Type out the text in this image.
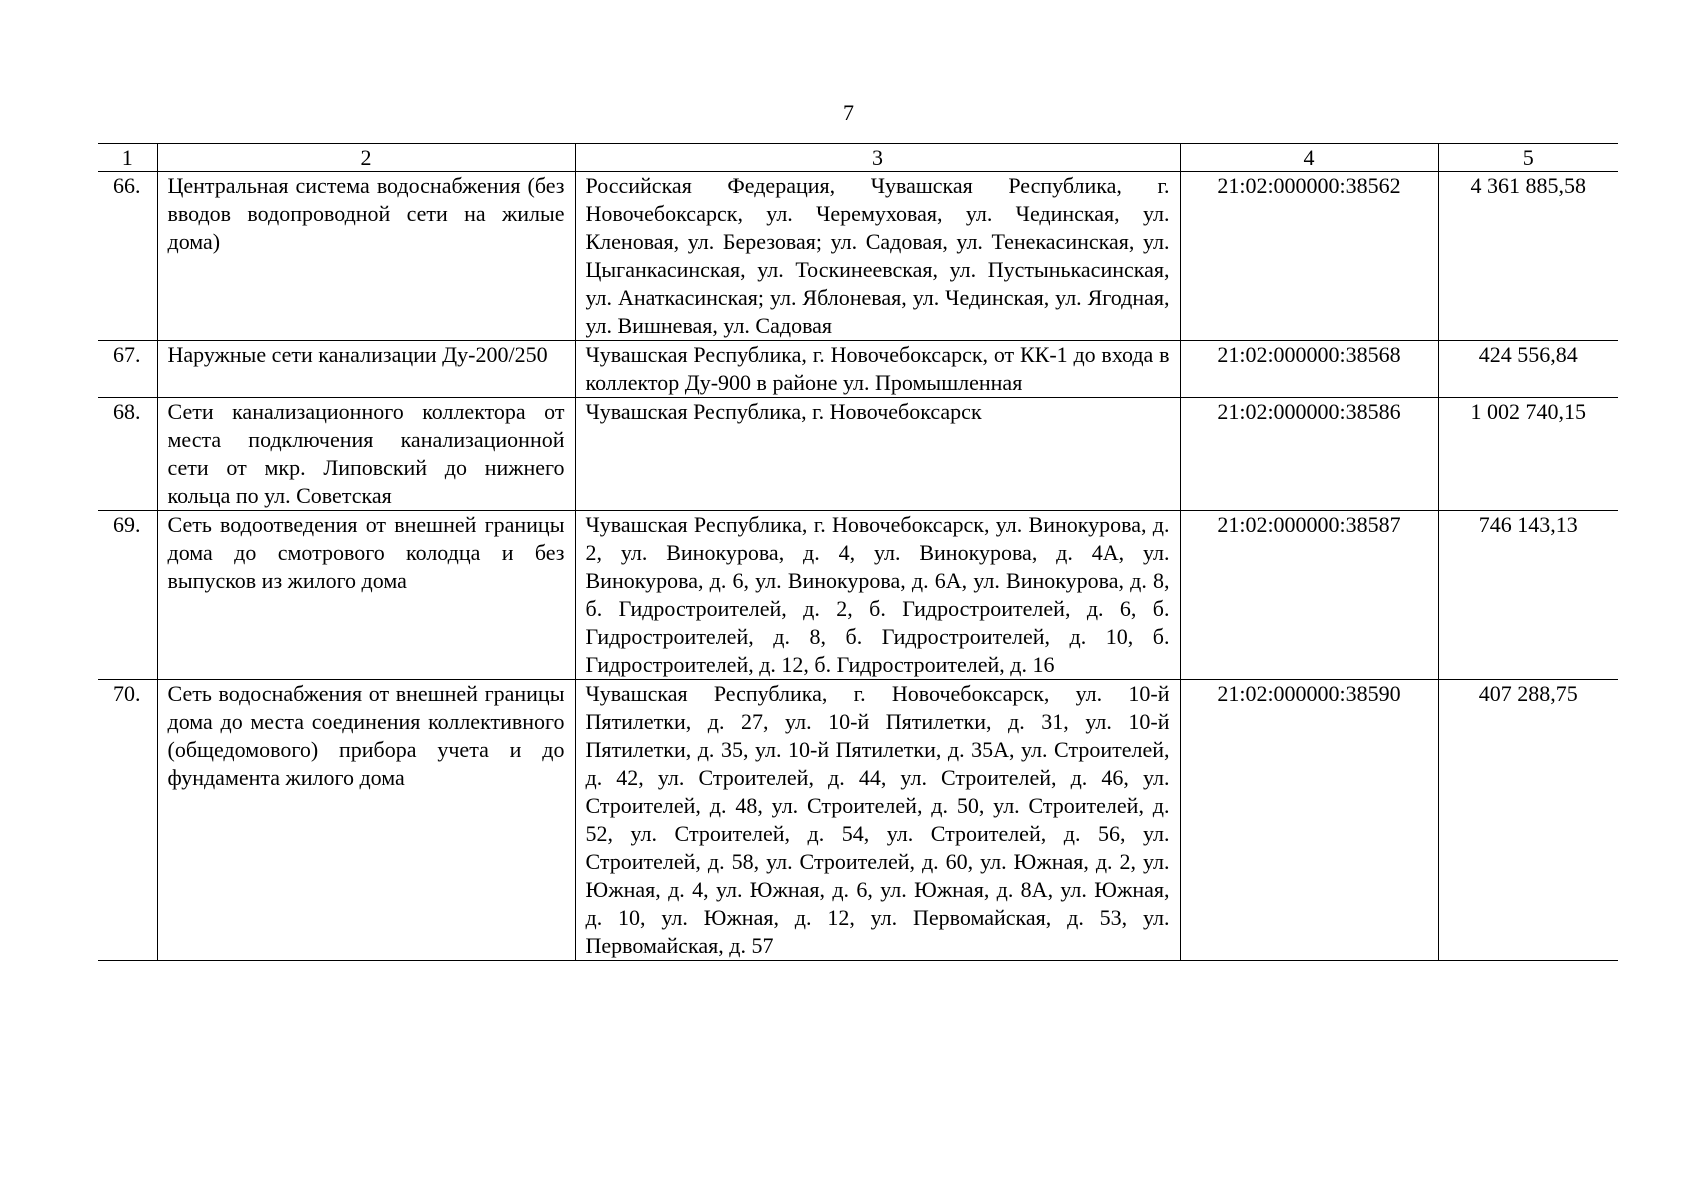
7
1	2	3	4	5
66.	Центральная система водоснабжения (без вводов водопроводной сети на жилые дома)	Российская Федерация, Чувашская Республика, г. Новочебоксарск, ул. Черемуховая, ул. Чединская, ул. Кленовая, ул. Березовая; ул. Садовая, ул. Тенекасинская, ул. Цыганкасинская, ул. Тоскинеевская, ул. Пустынькасинская, ул. Анаткасинская; ул. Яблоневая, ул. Чединская, ул. Ягодная, ул. Вишневая, ул. Садовая	21:02:000000:38562	4 361 885,58
67.	Наружные сети канализации Ду-200/250	Чувашская Республика, г. Новочебоксарск, от КК-1 до входа в коллектор Ду-900 в районе ул. Промышленная	21:02:000000:38568	424 556,84
68.	Сети канализационного коллектора от места подключения канализационной сети от мкр. Липовский до нижнего кольца по ул. Советская	Чувашская Республика, г. Новочебоксарск	21:02:000000:38586	1 002 740,15
69.	Сеть водоотведения от внешней границы дома до смотрового колодца и без выпусков из жилого дома	Чувашская Республика, г. Новочебоксарск, ул. Винокурова, д. 2, ул. Винокурова, д. 4, ул. Винокурова, д. 4А, ул. Винокурова, д. 6, ул. Винокурова, д. 6А, ул. Винокурова, д. 8, б. Гидростроителей, д. 2, б. Гидростроителей, д. 6, б. Гидростроителей, д. 8, б. Гидростроителей, д. 10, б. Гидростроителей, д. 12, б. Гидростроителей, д. 16	21:02:000000:38587	746 143,13
70.	Сеть водоснабжения от внешней границы дома до места соединения коллективного (общедомового) прибора учета и до фундамента жилого дома	Чувашская Республика, г. Новочебоксарск, ул. 10-й Пятилетки, д. 27, ул. 10-й Пятилетки, д. 31, ул. 10-й Пятилетки, д. 35, ул. 10-й Пятилетки, д. 35А, ул. Строителей, д. 42, ул. Строителей, д. 44, ул. Строителей, д. 46, ул. Строителей, д. 48, ул. Строителей, д. 50, ул. Строителей, д. 52, ул. Строителей, д. 54, ул. Строителей, д. 56, ул. Строителей, д. 58, ул. Строителей, д. 60, ул. Южная, д. 2, ул. Южная, д. 4, ул. Южная, д. 6, ул. Южная, д. 8А, ул. Южная, д. 10, ул. Южная, д. 12, ул. Первомайская, д. 53, ул. Первомайская, д. 57	21:02:000000:38590	407 288,75
